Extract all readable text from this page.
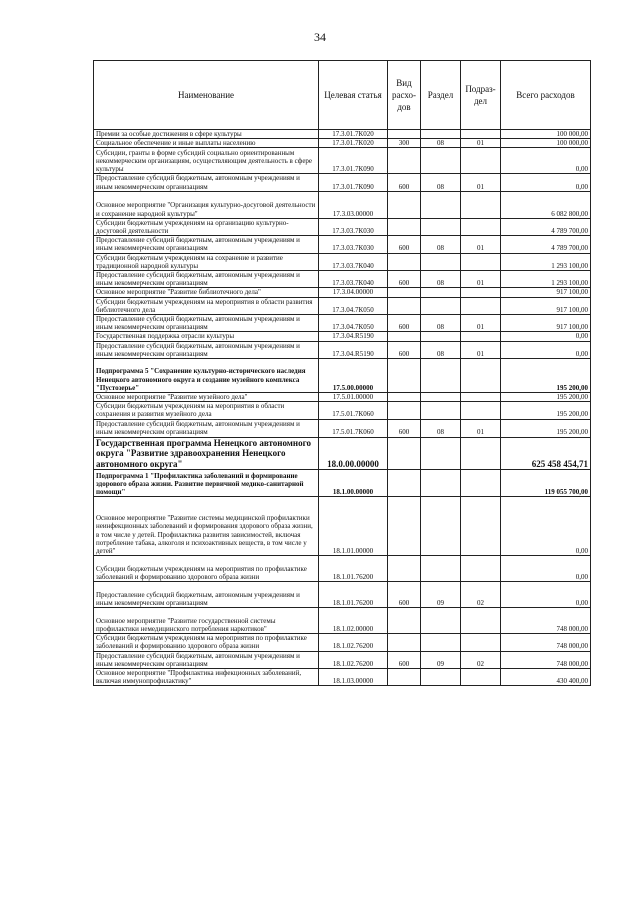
34
Наименование	Целевая статья	Вид расхо-дов	Раздел	Подраз-дел	Всего расходов
Премии за особые достижения в сфере культуры	17.3.01.7К020				100 000,00
Социальное обеспечение и иные выплаты населению	17.3.01.7К020	300	08	01	100 000,00
Субсидии, гранты в форме субсидий социально ориентированным некоммерческим организациям, осуществляющим деятельность в сфере культуры	17.3.01.7К090				0,00
Предоставление субсидий бюджетным, автономным учреждениям и иным некоммерческим организациям	17.3.01.7К090	600	08	01	0,00
Основное мероприятие "Организация культурно-досуговой деятельности и сохранение народной культуры"	17.3.03.00000				6 082 800,00
Субсидии бюджетным учреждениям на организацию культурно-досуговой деятельности	17.3.03.7К030				4 789 700,00
Предоставление субсидий бюджетным, автономным учреждениям и иным некоммерческим организациям	17.3.03.7К030	600	08	01	4 789 700,00
Субсидии бюджетным учреждениям на сохранение и развитие традиционной народной культуры	17.3.03.7К040				1 293 100,00
Предоставление субсидий бюджетным, автономным учреждениям и иным некоммерческим организациям	17.3.03.7К040	600	08	01	1 293 100,00
Основное мероприятие "Развитие библиотечного дела"	17.3.04.00000				917 100,00
Субсидии бюджетным учреждениям на мероприятия в области развития библиотечного дела	17.3.04.7К050				917 100,00
Предоставление субсидий бюджетным, автономным учреждениям и иным некоммерческим организациям	17.3.04.7К050	600	08	01	917 100,00
Государственная поддержка отрасли культуры	17.3.04.R5190				0,00
Предоставление субсидий бюджетным, автономным учреждениям и иным некоммерческим организациям	17.3.04.R5190	600	08	01	0,00
Подпрограмма 5 "Сохранение культурно-исторического наследия Ненецкого автономного округа и создание музейного комплекса "Пустозерье"	17.5.00.00000				195 200,00
Основное мероприятие "Развитие музейного дела"	17.5.01.00000				195 200,00
Субсидии бюджетным учреждениям на мероприятия в области сохранения и развития музейного дела	17.5.01.7К060				195 200,00
Предоставление субсидий бюджетным, автономным учреждениям и иным некоммерческим организациям	17.5.01.7К060	600	08	01	195 200,00
Государственная программа Ненецкого автономного округа "Развитие здравоохранения Ненецкого автономного округа"	18.0.00.00000				625 458 454,71
Подпрограмма 1 "Профилактика заболеваний и формирование здорового образа жизни. Развитие первичной медико-санитарной помощи"	18.1.00.00000				119 055 700,00
Основное мероприятие "Развитие системы медицинской профилактики неинфекционных заболеваний и формирования здорового образа жизни, в том числе у детей. Профилактика развития зависимостей, включая потребление табака, алкоголя и психоактивных веществ, в том числе у детей"	18.1.01.00000				0,00
Субсидии бюджетным учреждениям на мероприятия по профилактике заболеваний и формированию здорового образа жизни	18.1.01.76200				0,00
Предоставление субсидий бюджетным, автономным учреждениям и иным некоммерческим организациям	18.1.01.76200	600	09	02	0,00
Основное мероприятие "Развитие государственной системы профилактики немедицинского потребления наркотиков"	18.1.02.00000				748 000,00
Субсидии бюджетным учреждениям на мероприятия по профилактике заболеваний и формированию здорового образа жизни	18.1.02.76200				748 000,00
Предоставление субсидий бюджетным, автономным учреждениям и иным некоммерческим организациям	18.1.02.76200	600	09	02	748 000,00
Основное мероприятие "Профилактика инфекционных заболеваний, включая иммунопрофилактику"	18.1.03.00000				430 400,00
